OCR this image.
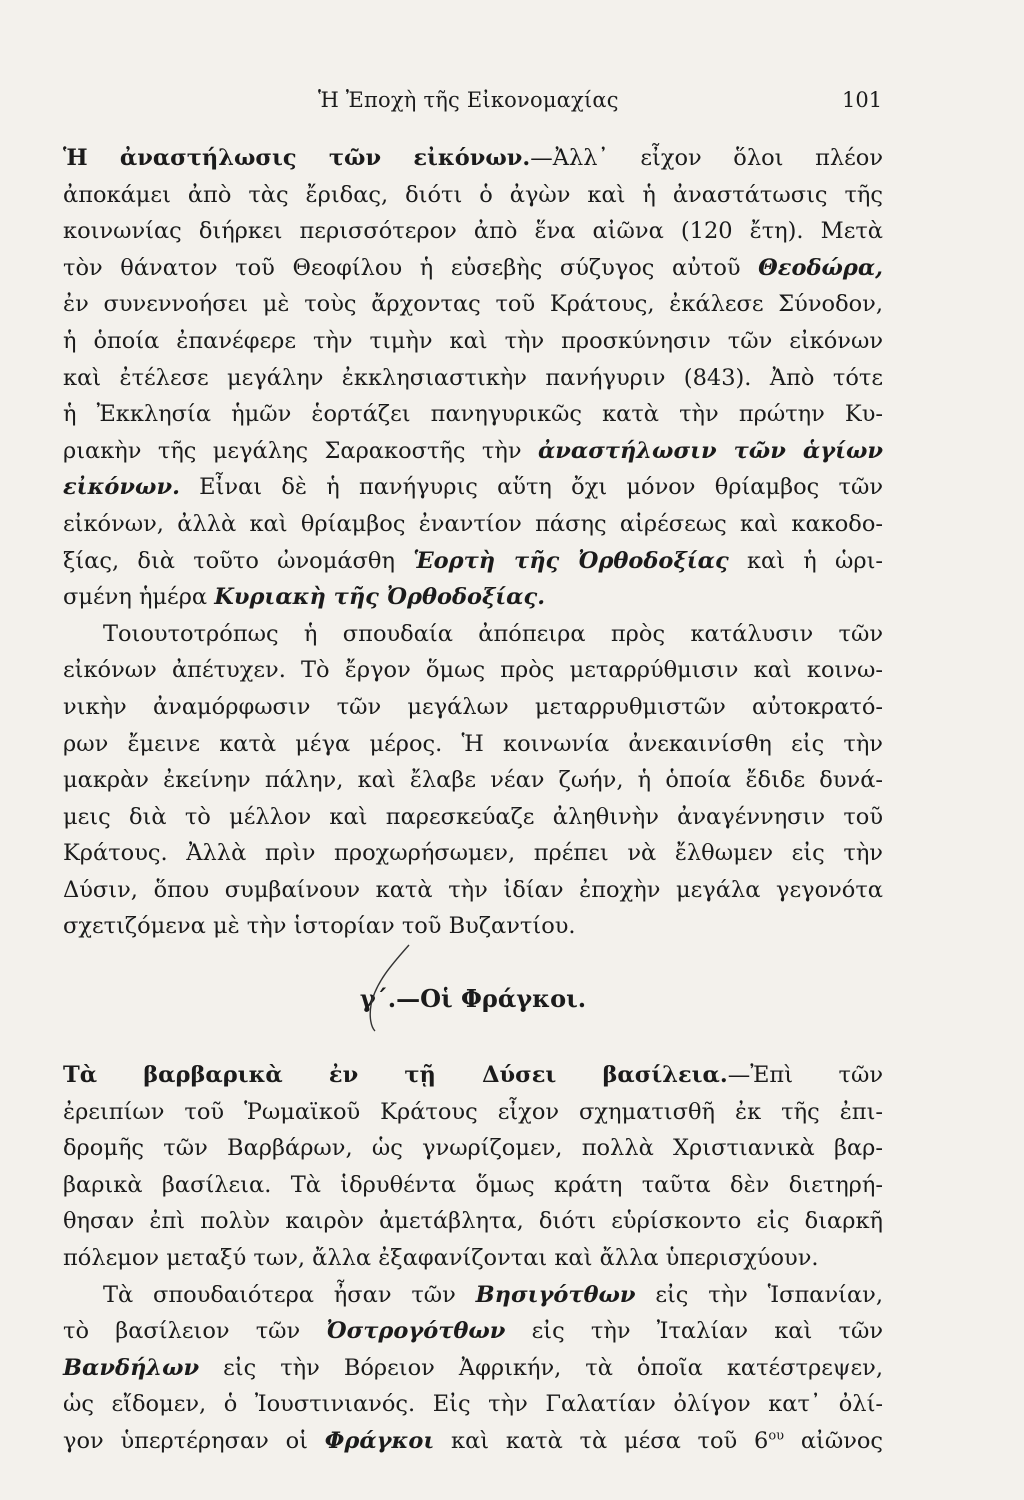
Ἡ Ἐποχὴ τῆς Εἰκονομαχίας	101
Ἡ ἀναστήλωσις τῶν εἰκόνων.—Ἀλλ᾽ εἶχον ὅλοι πλέον
ἀποκάμει ἀπὸ τὰς ἔριδας, διότι ὁ ἀγὼν καὶ ἡ ἀναστάτωσις τῆς
κοινωνίας διήρκει περισσότερον ἀπὸ ἕνα αἰῶνα (120 ἔτη). Μετὰ
τὸν θάνατον τοῦ Θεοφίλου ἡ εὐσεβὴς σύζυγος αὐτοῦ Θεοδώρα,
ἐν συνεννοήσει μὲ τοὺς ἄρχοντας τοῦ Κράτους, ἐκάλεσε Σύνοδον,
ἡ ὁποία ἐπανέφερε τὴν τιμὴν καὶ τὴν προσκύνησιν τῶν εἰκόνων
καὶ ἐτέλεσε μεγάλην ἐκκλησιαστικὴν πανήγυριν (843). Ἀπὸ τότε
ἡ Ἐκκλησία ἡμῶν ἑορτάζει πανηγυρικῶς κατὰ τὴν πρώτην Κυ-
ριακὴν τῆς μεγάλης Σαρακοστῆς τὴν ἀναστήλωσιν τῶν ἁγίων
εἰκόνων. Εἶναι δὲ ἡ πανήγυρις αὕτη ὄχι μόνον θρίαμβος τῶν
εἰκόνων, ἀλλὰ καὶ θρίαμβος ἐναντίον πάσης αἱρέσεως καὶ κακοδο-
ξίας, διὰ τοῦτο ὠνομάσθη Ἑορτὴ τῆς Ὀρθοδοξίας καὶ ἡ ὡρι-
σμένη ἡμέρα Κυριακὴ τῆς Ὀρθοδοξίας.
Τοιουτοτρόπως ἡ σπουδαία ἀπόπειρα πρὸς κατάλυσιν τῶν
εἰκόνων ἀπέτυχεν. Τὸ ἔργον ὅμως πρὸς μεταρρύθμισιν καὶ κοινω-
νικὴν ἀναμόρφωσιν τῶν μεγάλων μεταρρυθμιστῶν αὐτοκρατό-
ρων ἔμεινε κατὰ μέγα μέρος. Ἡ κοινωνία ἀνεκαινίσθη εἰς τὴν
μακρὰν ἐκείνην πάλην, καὶ ἔλαβε νέαν ζωήν, ἡ ὁποία ἔδιδε δυνά-
μεις διὰ τὸ μέλλον καὶ παρεσκεύαζε ἀληθινὴν ἀναγέννησιν τοῦ
Κράτους. Ἀλλὰ πρὶν προχωρήσωμεν, πρέπει νὰ ἔλθωμεν εἰς τὴν
Δύσιν, ὅπου συμβαίνουν κατὰ τὴν ἰδίαν ἐποχὴν μεγάλα γεγονότα
σχετιζόμενα μὲ τὴν ἱστορίαν τοῦ Βυζαντίου.
γ΄.—Οἱ Φράγκοι.
Τὰ βαρβαρικὰ ἐν τῇ Δύσει βασίλεια.—Ἐπὶ τῶν
ἐρειπίων τοῦ Ῥωμαϊκοῦ Κράτους εἶχον σχηματισθῆ ἐκ τῆς ἐπι-
δρομῆς τῶν Βαρβάρων, ὡς γνωρίζομεν, πολλὰ Χριστιανικὰ βαρ-
βαρικὰ βασίλεια. Τὰ ἱδρυθέντα ὅμως κράτη ταῦτα δὲν διετηρή-
θησαν ἐπὶ πολὺν καιρὸν ἀμετάβλητα, διότι εὑρίσκοντο εἰς διαρκῆ
πόλεμον μεταξύ των, ἄλλα ἐξαφανίζονται καὶ ἄλλα ὑπερισχύουν.
Τὰ σπουδαιότερα ἦσαν τῶν Βησιγότθων εἰς τὴν Ἱσπανίαν,
τὸ βασίλειον τῶν Ὀστρογότθων εἰς τὴν Ἰταλίαν καὶ τῶν
Βανδήλων εἰς τὴν Βόρειον Ἀφρικήν, τὰ ὁποῖα κατέστρεψεν,
ὡς εἴδομεν, ὁ Ἰουστινιανός. Εἰς τὴν Γαλατίαν ὀλίγον κατ᾽ ὀλί-
γον ὑπερτέρησαν οἱ Φράγκοι καὶ κατὰ τὰ μέσα τοῦ $6^{o\upsilon}$ αἰῶνος
